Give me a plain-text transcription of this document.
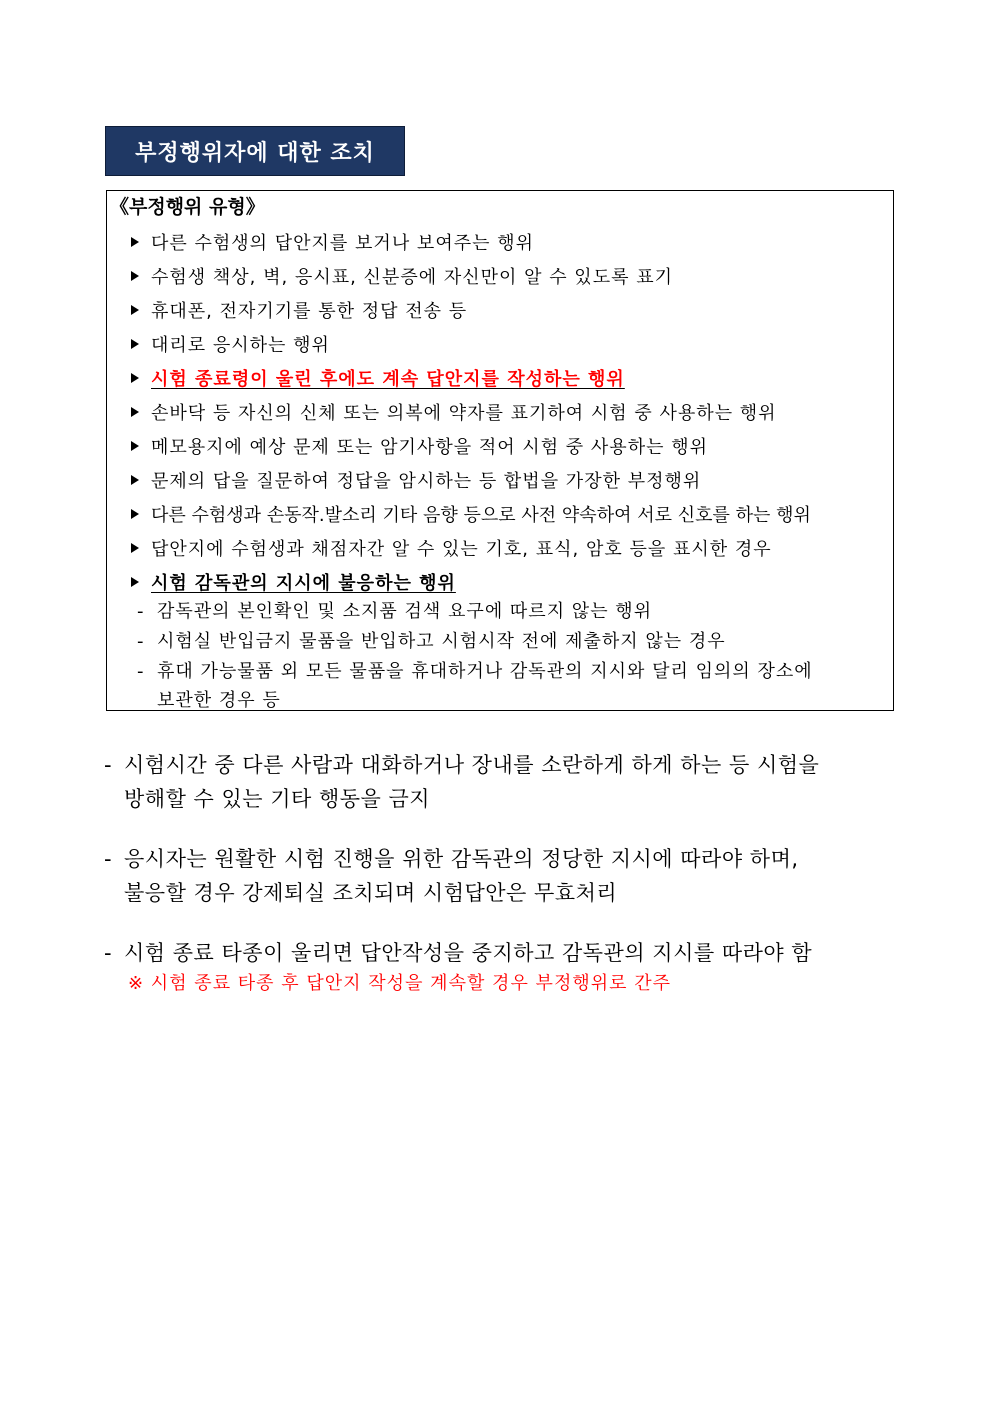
부정행위자에 대한 조치
《부정행위 유형》
다른 수험생의 답안지를 보거나 보여주는 행위
수험생 책상, 벽, 응시표, 신분증에 자신만이 알 수 있도록 표기
휴대폰, 전자기기를 통한 정답 전송 등
대리로 응시하는 행위
시험 종료령이 울린 후에도 계속 답안지를 작성하는 행위
손바닥 등 자신의 신체 또는 의복에 약자를 표기하여 시험 중 사용하는 행위
메모용지에 예상 문제 또는 암기사항을 적어 시험 중 사용하는 행위
문제의 답을 질문하여 정답을 암시하는 등 합법을 가장한 부정행위
다른 수험생과 손동작.발소리 기타 음향 등으로 사전 약속하여 서로 신호를 하는 행위
답안지에 수험생과 채점자간 알 수 있는 기호, 표식, 암호 등을 표시한 경우
시험 감독관의 지시에 불응하는 행위
- 감독관의 본인확인 및 소지품 검색 요구에 따르지 않는 행위
- 시험실 반입금지 물품을 반입하고 시험시작 전에 제출하지 않는 경우
- 휴대 가능물품 외 모든 물품을 휴대하거나 감독관의 지시와 달리 임의의 장소에
보관한 경우 등
- 시험시간 중 다른 사람과 대화하거나 장내를 소란하게 하게 하는 등 시험을
방해할 수 있는 기타 행동을 금지
- 응시자는 원활한 시험 진행을 위한 감독관의 정당한 지시에 따라야 하며,
불응할 경우 강제퇴실 조치되며 시험답안은 무효처리
- 시험 종료 타종이 울리면 답안작성을 중지하고 감독관의 지시를 따라야 함
※ 시험 종료 타종 후 답안지 작성을 계속할 경우 부정행위로 간주
